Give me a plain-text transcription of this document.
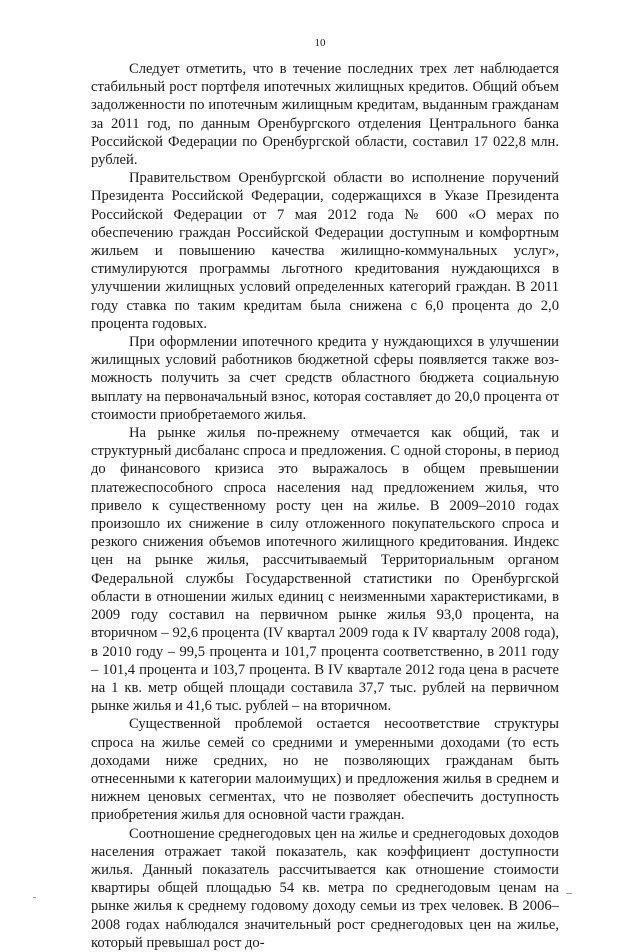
10

Следует отметить, что в течение последних трех лет наблюдается стабильный рост портфеля ипотечных жилищных кредитов. Общий объем задолженности по ипотечным жилищным кредитам, выданным гражданам за 2011 год, по данным Оренбургского отделения Центрального банка Российской Федерации по Оренбургской области, составил 17 022,8 млн. рублей.

Правительством Оренбургской области во исполнение поручений Президента Российской Федерации, содержащихся в Указе Президента Российской Федерации от 7 мая 2012 года № 600 «О мерах по обеспечению граждан Российской Федерации доступным и комфортным жильем и повышению качества жилищно-коммунальных услуг», стимулируются программы льготного кредитования нуждающихся в улучшении жилищных условий определенных категорий граждан. В 2011 году ставка по таким кредитам была снижена с 6,0 процента до 2,0 процента годовых.

При оформлении ипотечного кредита у нуждающихся в улучшении жилищных условий работников бюджетной сферы появляется также возможность получить за счет средств областного бюджета социальную выплату на первоначальный взнос, которая составляет до 20,0 процента от стоимости приобретаемого жилья.

На рынке жилья по-прежнему отмечается как общий, так и структурный дисбаланс спроса и предложения. С одной стороны, в период до финансового кризиса это выражалось в общем превышении платежеспособного спроса населения над предложением жилья, что привело к существенному росту цен на жилье. В 2009–2010 годах произошло их снижение в силу отложенного покупательского спроса и резкого снижения объемов ипотечного жилищного кредитования. Индекс цен на рынке жилья, рассчитываемый Территориальным органом Федеральной службы Государственной статистики по Оренбургской области в отношении жилых единиц с неизменными характеристиками, в 2009 году составил на первичном рынке жилья 93,0 процента, на вторичном – 92,6 процента (IV квартал 2009 года к IV кварталу 2008 года), в 2010 году – 99,5 процента и 101,7 процента соответственно, в 2011 году – 101,4 процента и 103,7 процента. В IV квартале 2012 года цена в расчете на 1 кв. метр общей площади составила 37,7 тыс. рублей на первичном рынке жилья и 41,6 тыс. рублей – на вторичном.

Существенной проблемой остается несоответствие структуры спроса на жилье семей со средними и умеренными доходами (то есть доходами ниже средних, но не позволяющих гражданам быть отнесенными к категории малоимущих) и предложения жилья в среднем и нижнем ценовых сегментах, что не позволяет обеспечить доступность приобретения жилья для основной части граждан.

Соотношение среднегодовых цен на жилье и среднегодовых доходов населения отражает такой показатель, как коэффициент доступности жилья. Данный показатель рассчитывается как отношение стоимости квартиры общей площадью 54 кв. метра по среднегодовым ценам на рынке жилья к среднему годовому доходу семьи из трех человек. В 2006–2008 годах наблюдался значительный рост среднегодовых цен на жилье, который превышал рост до-
